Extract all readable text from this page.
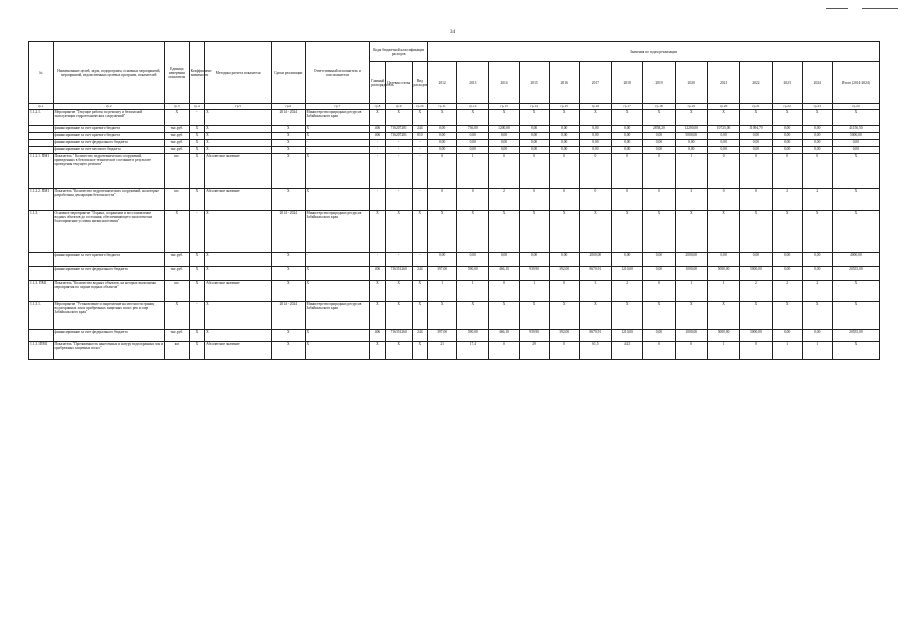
34
№	Наименование целей, задач, подпрограмм, основных мероприятий, мероприятий, ведомственных целевых программ, показателей	Единица измерения показателя	Коэффициент значимости	Методика расчета показателя	Сроки реализации	Ответственный исполнитель и соисполнители	Коды бюджетной классификации расходов			Значения по годам реализации													
							Главный распорядитель	Целевая статья	Вид расходов	2012	2013	2014	2015	2016	2017	2018	2019	2020	2021	2022	2023	2024	Итого (2014-2024)
гр.1	гр.2	гр.3	гр.4	гр.5	гр.6	гр.7	гр.8	гр.9	гр.10	гр.11	гр.12	гр.13	гр.14	гр.15	гр.16	гр.17	гр.18	гр.19	гр.20	гр.21	гр.22	гр.23	гр.24
1.1.2.1.	Мероприятие "Текущие работы по ремонту и безопасной эксплуатации гидротехнических сооружений"	Х	-	Х	2014 - 2024	Министерство природных ресурсов Забайкальского края	Х	Х	Х	Х	Х	Х	Х	Х	Х	Х	Х	Х	Х	Х	Х	Х	Х
	финансирование за счет краевого бюджета	тыс.руб.	Х	Х	Х	Х	406	716207281	244	0,00	736,00	1200,00	0,00	0,00	0,00	0,00	2858,20	12200,00	10725,00	11094,70	0,00	0,00	41156,50
	финансирование за счет краевого бюджета	тыс.руб.	Х	Х	Х	Х	406	716207281	810	0,00	0,00	0,00	0,00	0,00	0,00	0,00	0,00	5000,00	0,00	0,00	0,00	0,00	5000,00
	финансирование за счет федерального бюджета	тыс.руб.	Х	Х	Х	-	-	-	-	0,00	0,00	0,00	0,00	0,00	0,00	0,00	0,00	0,00	0,00	0,00	0,00	0,00	0,00
	финансирование за счет местного бюджета	тыс.руб.	Х	Х	Х	-	-	-	-	0,00	0,00	0,00	0,00	0,00	0,00	0,00	0,00	0,00	0,00	0,00	0,00	0,00	0,00
1.1.2.1. ПМ1	Показатель " Количество гидротехнических сооружений, приведенных в безопасное техническое состояние в результате проведения текущего ремонта"	шт.	Х	Абсолютное значение	Х	Х	-	-	-	0	1	0	0	0	0	0	0	1	0	0	0	0	Х
1.1.2.2. ПМ1	Показатель "Количество гидротехнических сооружений, на которые разработаны декларации безопасности"	шт.	Х	Абсолютное значение	Х	Х	-	-	-	0	0	2	0	0	0	0	0	3	0	0	2	2	Х
1.1.3.	Основное мероприятие "Охрана, сохранение и восстановление водных объектов до состояния, обеспечивающего экологически благоприятные условия жизни населения"	Х	-	Х	2014 - 2024	Министерство природных ресурсов Забайкальского края	Х	Х	Х	Х	Х	Х	Х	Х	Х	Х	Х	Х	Х	Х	Х	Х	Х
	финансирование за счет краевого бюджета	тыс.руб.	Х	Х	Х	-	-	-	-	0,00	0,00	0,00	0,00	0,00	2000,00	0,00	0,00	2000,00	0,00	0,00	0,00	0,00	4000,00
	финансирование за счет федерального бюджета	тыс.руб.	Х	Х	Х	Х	406	716351260	244	397,00	590,00	466,10	939,90	392,00	8670,91	1210,00	0,00	1000,00	5000,00	5000,00	0,00	0,00	20555,00
1.1.3. ПМ1	Показатель "Количество водных объектов, на которых выполнены мероприятия по охране водных объектов"	шт.	Х	Абсолютное значение	Х	Х	Х	Х	Х	1	1	0	1	0	3	2	0	1	1	2	2	2	Х
1.1.3.1.	Мероприятие "Установление и закрепление на местности границ водоохранных зон и прибрежных защитных полос рек и озер Забайкальского края"	Х	-	Х	2014 - 2024	Министерство природных ресурсов Забайкальского края	Х	Х	Х	Х	Х	Х	Х	Х	Х	Х	Х	Х	Х	Х	Х	Х	Х
	финансирование за счет федерального бюджета	тыс.руб.	Х	Х	Х	Х	406	716351260	244	397,00	590,00	466,10	939,90	392,00	8670,91	1210,00	0,00	1000,00	5000,00	5000,00	0,00	0,00	20555,00
1.1.3.1ПМ1	Показатель "Протяженность нанесенных и натуру водоохранных зон и прибрежных защитных полос"	км	Х	Абсолютное значение	Х	Х	Х	Х	Х	21	17,4	0	29	0	61,5	44,5	0	0	1	0	1	1	Х
